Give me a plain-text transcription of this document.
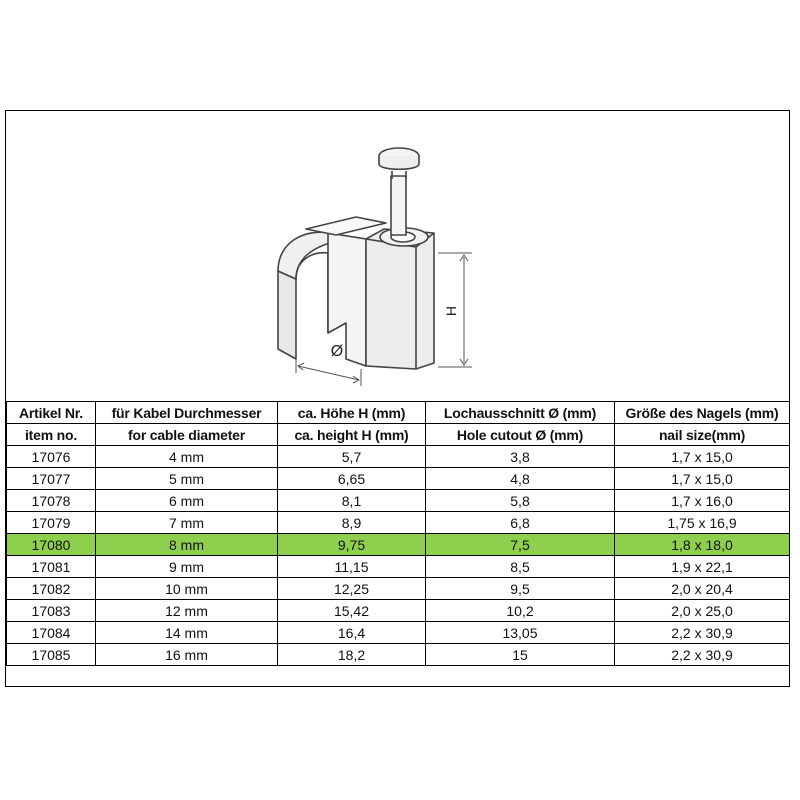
H
Ø
Artikel Nr.	für Kabel Durchmesser	ca. Höhe H (mm)	Lochausschnitt Ø (mm)	Größe des Nagels (mm)
item no.	for cable diameter	ca. height H (mm)	Hole cutout Ø (mm)	nail size(mm)
17076	4 mm	5,7	3,8	1,7 x 15,0
17077	5 mm	6,65	4,8	1,7 x 15,0
17078	6 mm	8,1	5,8	1,7 x 16,0
17079	7 mm	8,9	6,8	1,75 x 16,9
17080	8 mm	9,75	7,5	1,8 x 18,0
17081	9 mm	11,15	8,5	1,9 x 22,1
17082	10 mm	12,25	9,5	2,0 x 20,4
17083	12 mm	15,42	10,2	2,0 x 25,0
17084	14 mm	16,4	13,05	2,2 x 30,9
17085	16 mm	18,2	15	2,2 x 30,9
